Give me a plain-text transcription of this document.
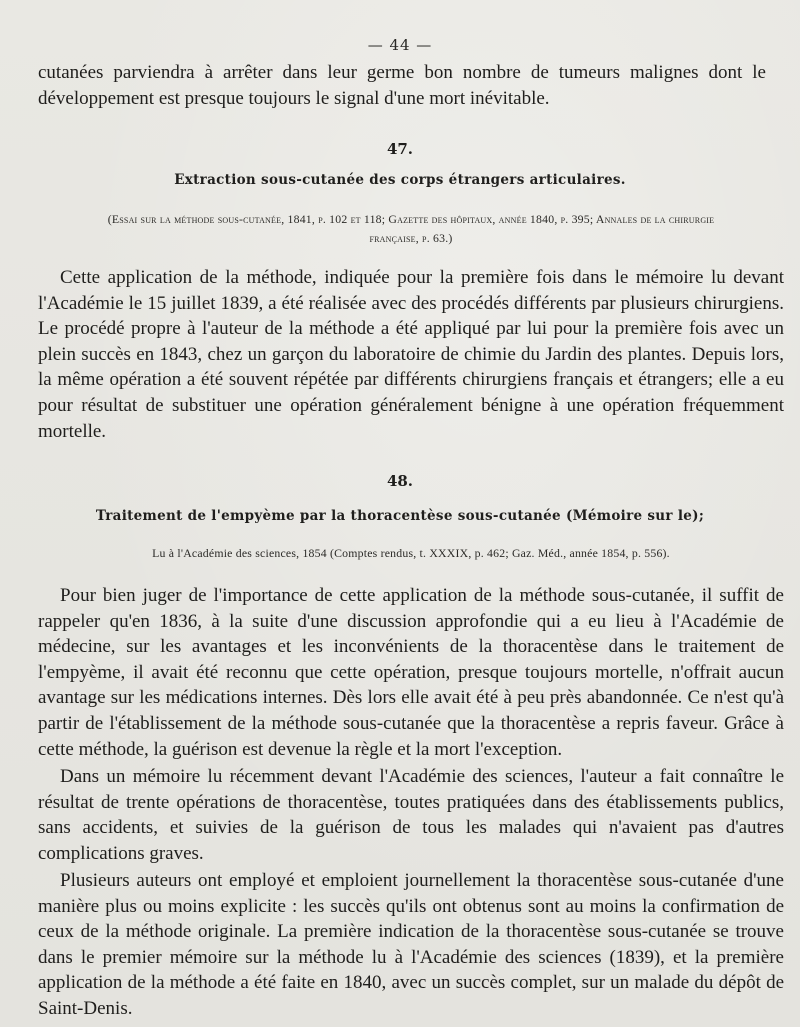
— 44 —

cutanées parviendra à arrêter dans leur germe bon nombre de tumeurs malignes dont le développement est presque toujours le signal d'une mort inévitable.

47.
Extraction sous-cutanée des corps étrangers articulaires.
(Essai sur la méthode sous-cutanée, 1841, p. 102 et 118; Gazette des hôpitaux, année 1840, p. 395; Annales de la chirurgie
française, p. 63.)

Cette application de la méthode, indiquée pour la première fois dans le mémoire lu devant l'Académie le 15 juillet 1839, a été réalisée avec des procédés différents par plusieurs chirurgiens. Le procédé propre à l'auteur de la méthode a été appliqué par lui pour la première fois avec un plein succès en 1843, chez un garçon du laboratoire de chimie du Jardin des plantes. Depuis lors, la même opération a été souvent répétée par différents chirurgiens français et étrangers; elle a eu pour résultat de substituer une opération généralement bénigne à une opération fréquemment mortelle.

48.
Traitement de l'empyème par la thoracentèse sous-cutanée (Mémoire sur le);
Lu à l'Académie des sciences, 1854 (Comptes rendus, t. XXXIX, p. 462; Gaz. Méd., année 1854, p. 556).

Pour bien juger de l'importance de cette application de la méthode sous-cutanée, il suffit de rappeler qu'en 1836, à la suite d'une discussion approfondie qui a eu lieu à l'Académie de médecine, sur les avantages et les inconvénients de la thoracentèse dans le traitement de l'empyème, il avait été reconnu que cette opération, presque toujours mortelle, n'offrait aucun avantage sur les médications internes. Dès lors elle avait été à peu près abandonnée. Ce n'est qu'à partir de l'établissement de la méthode sous-cutanée que la thoracentèse a repris faveur. Grâce à cette méthode, la guérison est devenue la règle et la mort l'exception.

Dans un mémoire lu récemment devant l'Académie des sciences, l'auteur a fait connaître le résultat de trente opérations de thoracentèse, toutes pratiquées dans des établissements publics, sans accidents, et suivies de la guérison de tous les malades qui n'avaient pas d'autres complications graves.

Plusieurs auteurs ont employé et emploient journellement la thoracentèse sous-cutanée d'une manière plus ou moins explicite : les succès qu'ils ont obtenus sont au moins la confirmation de ceux de la méthode originale. La première indication de la thoracentèse sous-cutanée se trouve dans le premier mémoire sur la méthode lu à l'Académie des sciences (1839), et la première application de la méthode a été faite en 1840, avec un succès complet, sur un malade du dépôt de Saint-Denis.
